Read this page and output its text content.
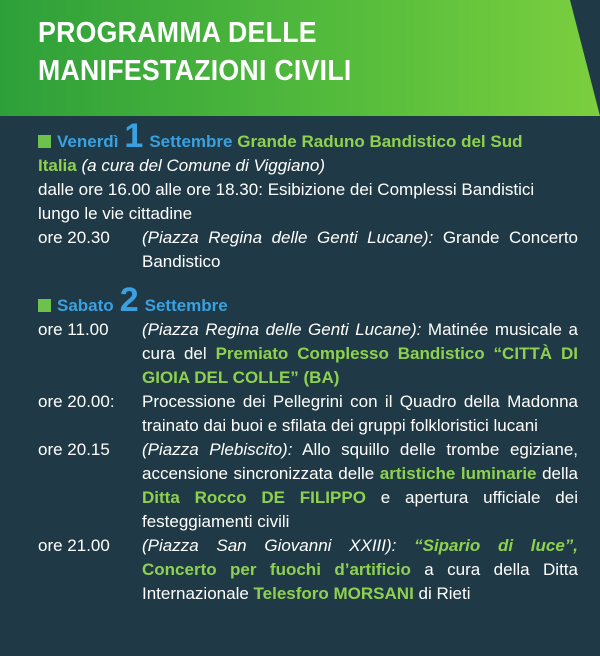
PROGRAMMA DELLE
MANIFESTAZIONI CIVILI
Venerdì 1 Settembre Grande Raduno Bandistico del Sud
Italia (a cura del Comune di Viggiano)
dalle ore 16.00 alle ore 18.30: Esibizione dei Complessi Bandistici lungo le vie cittadine
ore 20.30	(Piazza Regina delle Genti Lucane): Grande Concerto Bandistico
Sabato 2 Settembre
ore 11.00	(Piazza Regina delle Genti Lucane): Matinée musicale a cura del Premiato Complesso Bandistico “CITTÀ DI GIOIA DEL COLLE” (BA)
ore 20.00:	Processione dei Pellegrini con il Quadro della Madonna trainato dai buoi e sfilata dei gruppi folkloristici lucani
ore 20.15	(Piazza Plebiscito): Allo squillo delle trombe egiziane, accensione sincronizzata delle artistiche luminarie della Ditta Rocco DE FILIPPO e apertura ufficiale dei festeggiamenti civili
ore 21.00	(Piazza San Giovanni XXIII): “Sipario di luce”, Concerto per fuochi d’artificio a cura della Ditta Internazionale Telesforo MORSANI di Rieti
